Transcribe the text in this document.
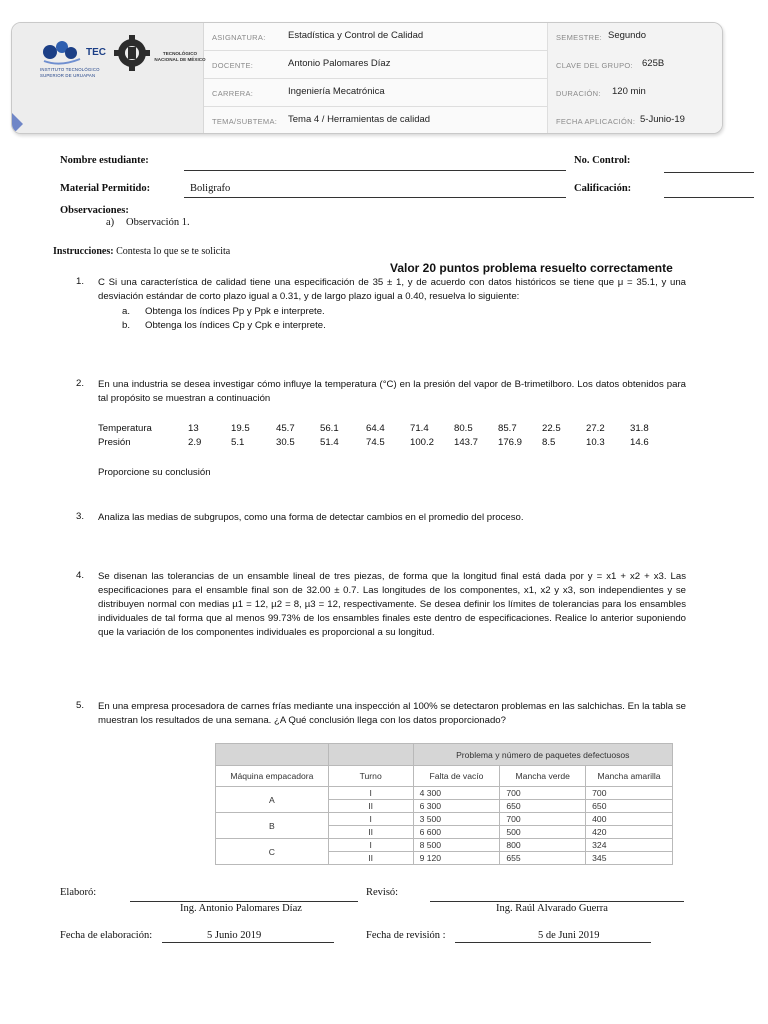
TEC
INSTITUTO TECNOLÓGICO
SUPERIOR DE URUAPAN
TECNOLÓGICO
NACIONAL DE MÉXICO
ASIGNATURA: Estadística y Control de Calidad	SEMESTRE: Segundo
DOCENTE:	Antonio Palomares Díaz	CLAVE DEL GRUPO: 625B
CARRERA:	Ingeniería Mecatrónica	DURACIÓN: 120 min
TEMA/SUBTEMA: Tema 4 / Herramientas de calidad	FECHA APLICACIÓN: 5-Junio-19
Nombre estudiante:	No. Control:
Material Permitido:	Boligrafo	Calificación:
Observaciones:
a) Observación 1.
Instrucciones: Contesta lo que se te solicita
Valor 20 puntos problema resuelto correctamente
1. C Si una característica de calidad tiene una especificación de 35 ± 1, y de acuerdo con datos históricos se tiene que μ = 35.1, y una desviación estándar de corto plazo igual a 0.31, y de largo plazo igual a 0.40, resuelva lo siguiente:
a. Obtenga los índices Pp y Ppk e interprete.
b. Obtenga los índices Cp y Cpk e interprete.
2. En una industria se desea investigar cómo influye la temperatura (°C) en la presión del vapor de B-trimetilboro. Los datos obtenidos para tal propósito se muestran a continuación
Temperatura	13	19.5	45.7	56.1	64.4	71.4	80.5	85.7	22.5	27.2	31.8
Presión	2.9	5.1	30.5	51.4	74.5	100.2 143.7 176.9 8.5	10.3	14.6
Proporcione su conclusión
3. Analiza las medias de subgrupos, como una forma de detectar cambios en el promedio del proceso.
4. Se disenan las tolerancias de un ensamble lineal de tres piezas, de forma que la longitud final está dada por y = x1 + x2 + x3. Las especificaciones para el ensamble final son de 32.00 ± 0.7. Las longitudes de los componentes, x1, x2 y x3, son independientes y se distribuyen normal con medias µ1 = 12, µ2 = 8, µ3 = 12, respectivamente. Se desea definir los límites de tolerancias para los ensambles individuales de tal forma que al menos 99.73% de los ensambles finales este dentro de especificaciones. Realice lo anterior suponiendo que la variación de los componentes individuales es proporcional a su longitud.
5. En una empresa procesadora de carnes frías mediante una inspección al 100% se detectaron problemas en las salchichas. En la tabla se muestran los resultados de una semana. ¿A Qué conclusión llega con los datos proporcionado?
		Problema y número de paquetes defectuosos		
Máquina empacadora	Turno	Falta de vacío	Mancha verde	Mancha amarilla
A	I	4 300	700	700
	II	6 300	650	650
B	I	3 500	700	400
	II	6 600	500	420
C	I	8 500	800	324
	II	9 120	655	345
Elaboró:
Ing. Antonio Palomares Díaz
Revisó:
Ing. Raúl Alvarado Guerra
Fecha de elaboración:	5 Junio 2019	Fecha de revisión :	5 de Juni 2019
